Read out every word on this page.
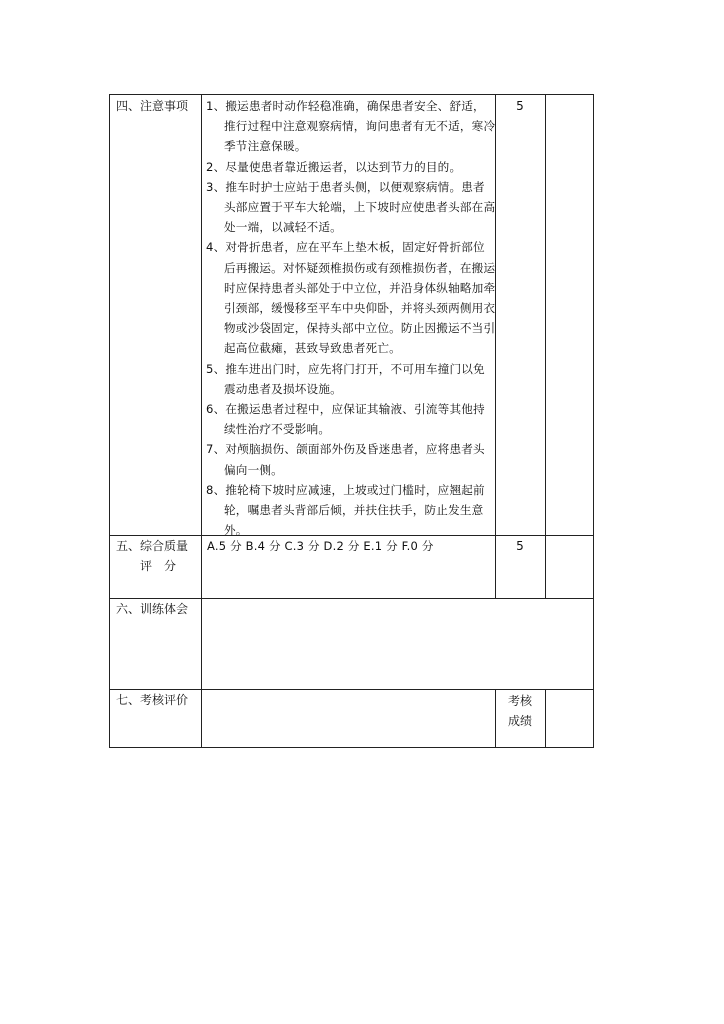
四、注意事项 1、搬运患者时动作轻稳准确，确保患者安全、舒适，推行过程中注意观察病情，询问患者有无不适，寒冷季节注意保暖。
2、尽量使患者靠近搬运者，以达到节力的目的。
3、推车时护士应站于患者头侧，以便观察病情。患者头部应置于平车大轮端，上下坡时应使患者头部在高处一端，以减轻不适。
4、对骨折患者，应在平车上垫木板，固定好骨折部位后再搬运。对怀疑颈椎损伤或有颈椎损伤者，在搬运时应保持患者头部处于中立位，并沿身体纵轴略加牵引颈部，缓慢移至平车中央仰卧，并将头颈两侧用衣物或沙袋固定，保持头部中立位。防止因搬运不当引起高位截瘫，甚致导致患者死亡。
5、推车进出门时，应先将门打开，不可用车撞门以免震动患者及损坏设施。
6、在搬运患者过程中，应保证其输液、引流等其他持续性治疗不受影响。
7、对颅脑损伤、颌面部外伤及昏迷患者，应将患者头偏向一侧。
8、推轮椅下坡时应减速，上坡或过门槛时，应翘起前轮，嘱患者头背部后倾，并扶住扶手，防止发生意外。
5
五、综合质量
评　分
A.5 分 B.4 分 C.3 分 D.2 分 E.1 分 F.0 分	5
六、训练体会
七、考核评价	考核
成绩
